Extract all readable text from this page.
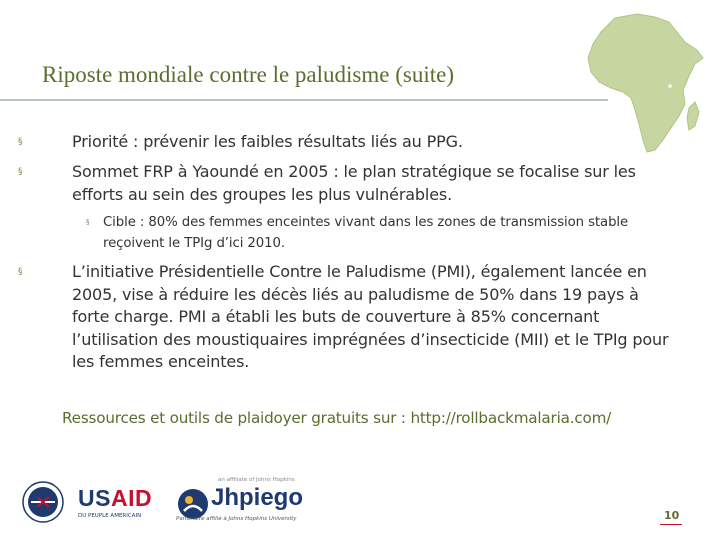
Riposte mondiale contre le paludisme (suite)
§	Priorité : prévenir les faibles résultats liés au PPG.
§	Sommet FRP à Yaoundé en 2005 : le plan stratégique se focalise sur les efforts au sein des groupes les plus vulnérables.
§ Cible : 80% des femmes enceintes vivant dans les zones de transmission stable reçoivent le TPIg d’ici 2010.
§	L’initiative Présidentielle Contre le Paludisme (PMI), également lancée en 2005, vise à réduire les décès liés au paludisme de 50% dans 19 pays à forte charge. PMI a établi les buts de couverture à 85% concernant l’utilisation des moustiquaires imprégnées d’insecticide (MII) et le TPIg pour les femmes enceintes.
Ressources et outils de plaidoyer gratuits sur : http://rollbackmalaria.com/
USAID
DU PEUPLE AMERICAIN
an affiliate of Johns Hopkins
Jhpiego
Partenaire affilié à Johns Hopkins University	10
